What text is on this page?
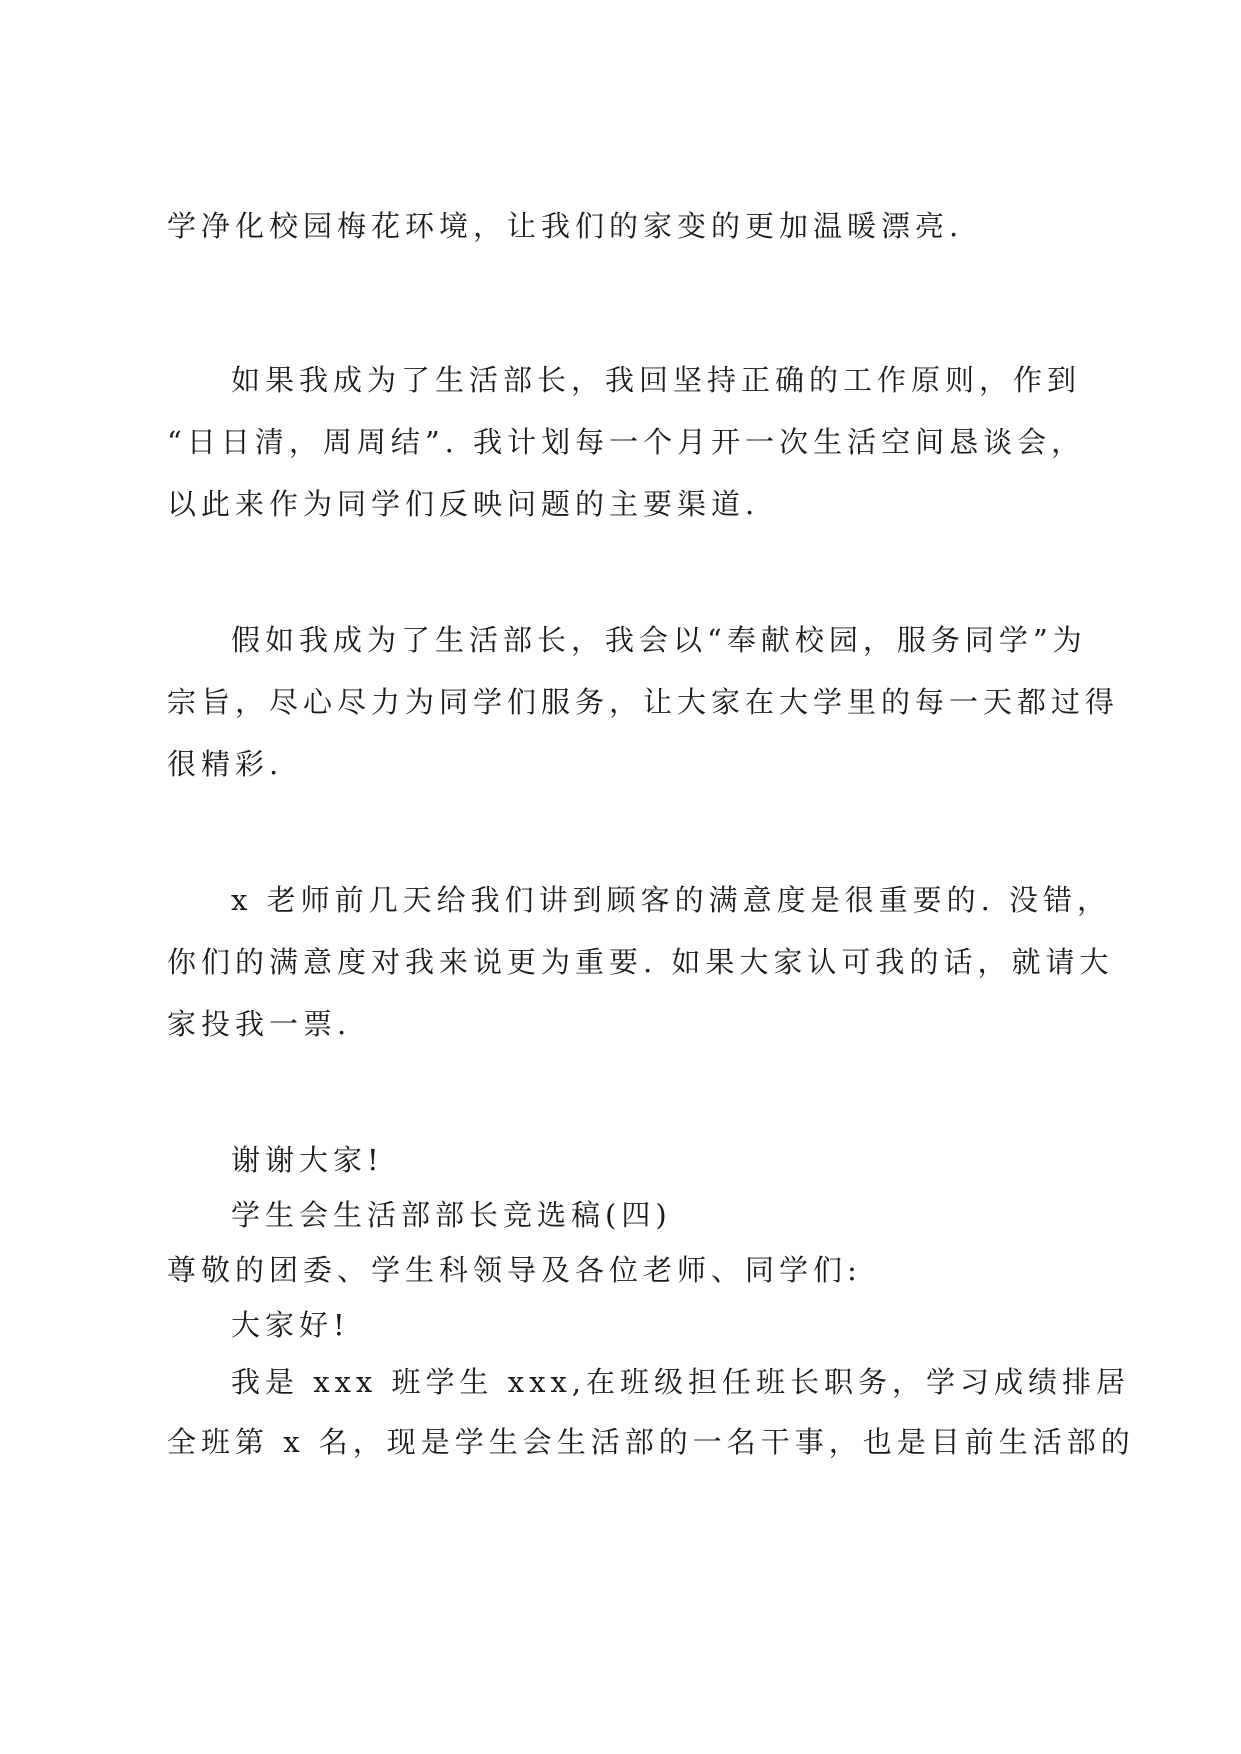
学净化校园梅花环境，让我们的家变的更加温暖漂亮.
如果我成为了生活部长，我回坚持正确的工作原则，作到
“日日清，周周结”. 我计划每一个月开一次生活空间恳谈会，
以此来作为同学们反映问题的主要渠道.
假如我成为了生活部长，我会以“奉献校园，服务同学”为
宗旨，尽心尽力为同学们服务，让大家在大学里的每一天都过得
很精彩.
x 老师前几天给我们讲到顾客的满意度是很重要的. 没错，
你们的满意度对我来说更为重要. 如果大家认可我的话，就请大
家投我一票.
谢谢大家!
学生会生活部部长竞选稿(四)
尊敬的团委、学生科领导及各位老师、同学们:
大家好!
我是 xxx 班学生 xxx,在班级担任班长职务，学习成绩排居
全班第 x 名，现是学生会生活部的一名干事，也是目前生活部的
